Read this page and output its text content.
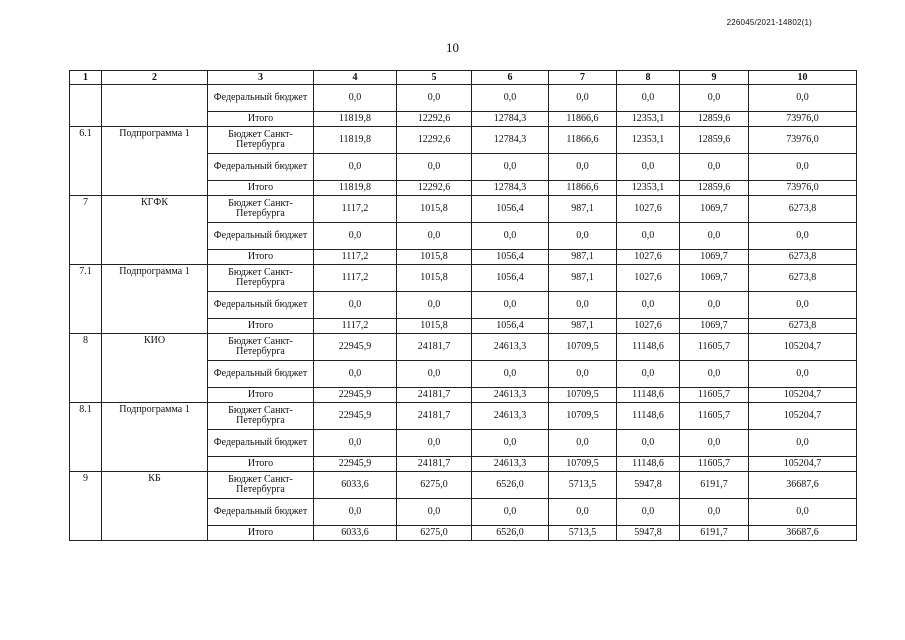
226045/2021-14802(1)
10
1	2	3	4	5	6	7	8	9	10
		Федеральный бюджет	0,0	0,0	0,0	0,0	0,0	0,0	0,0
		Итого	11819,8	12292,6	12784,3	11866,6	12353,1	12859,6	73976,0
6.1	Подпрограмма 1	Бюджет Санкт-Петербурга	11819,8	12292,6	12784,3	11866,6	12353,1	12859,6	73976,0
		Федеральный бюджет	0,0	0,0	0,0	0,0	0,0	0,0	0,0
		Итого	11819,8	12292,6	12784,3	11866,6	12353,1	12859,6	73976,0
7	КГФК	Бюджет Санкт-Петербурга	1117,2	1015,8	1056,4	987,1	1027,6	1069,7	6273,8
		Федеральный бюджет	0,0	0,0	0,0	0,0	0,0	0,0	0,0
		Итого	1117,2	1015,8	1056,4	987,1	1027,6	1069,7	6273,8
7.1	Подпрограмма 1	Бюджет Санкт-Петербурга	1117,2	1015,8	1056,4	987,1	1027,6	1069,7	6273,8
		Федеральный бюджет	0,0	0,0	0,0	0,0	0,0	0,0	0,0
		Итого	1117,2	1015,8	1056,4	987,1	1027,6	1069,7	6273,8
8	КИО	Бюджет Санкт-Петербурга	22945,9	24181,7	24613,3	10709,5	11148,6	11605,7	105204,7
		Федеральный бюджет	0,0	0,0	0,0	0,0	0,0	0,0	0,0
		Итого	22945,9	24181,7	24613,3	10709,5	11148,6	11605,7	105204,7
8.1	Подпрограмма 1	Бюджет Санкт-Петербурга	22945,9	24181,7	24613,3	10709,5	11148,6	11605,7	105204,7
		Федеральный бюджет	0,0	0,0	0,0	0,0	0,0	0,0	0,0
		Итого	22945,9	24181,7	24613,3	10709,5	11148,6	11605,7	105204,7
9	КБ	Бюджет Санкт-Петербурга	6033,6	6275,0	6526,0	5713,5	5947,8	6191,7	36687,6
		Федеральный бюджет	0,0	0,0	0,0	0,0	0,0	0,0	0,0
		Итого	6033,6	6275,0	6526,0	5713,5	5947,8	6191,7	36687,6
